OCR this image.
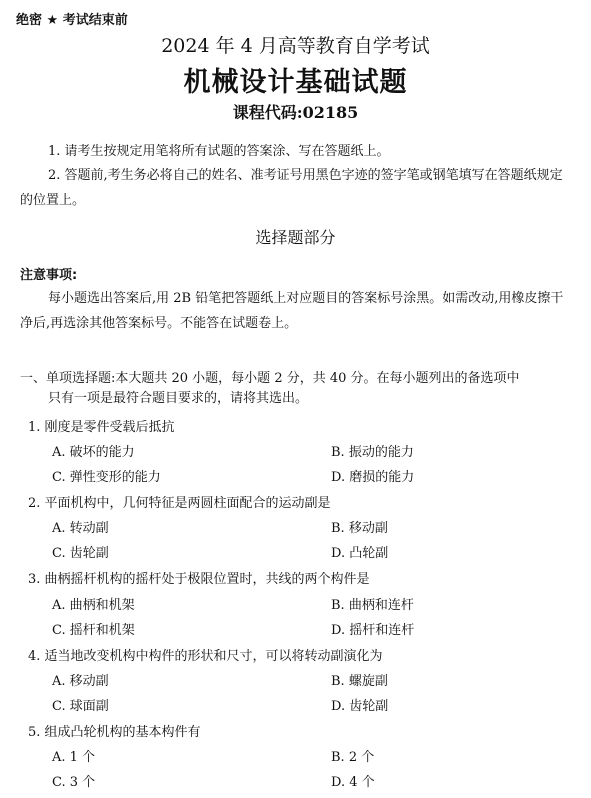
绝密 ★ 考试结束前
2024 年 4 月高等教育自学考试
机械设计基础试题
课程代码:02185
1. 请考生按规定用笔将所有试题的答案涂、写在答题纸上。
2. 答题前,考生务必将自己的姓名、准考证号用黑色字迹的签字笔或钢笔填写在答题纸规定的位置上。
选择题部分
注意事项:
每小题选出答案后,用 2B 铅笔把答题纸上对应题目的答案标号涂黑。如需改动,用橡皮擦干净后,再选涂其他答案标号。不能答在试题卷上。
一、单项选择题:本大题共 20 小题，每小题 2 分，共 40 分。在每小题列出的备选项中
只有一项是最符合题目要求的，请将其选出。
1. 刚度是零件受载后抵抗
A. 破坏的能力	B. 振动的能力
C. 弹性变形的能力	D. 磨损的能力
2. 平面机构中，几何特征是两圆柱面配合的运动副是
A. 转动副	B. 移动副
C. 齿轮副	D. 凸轮副
3. 曲柄摇杆机构的摇杆处于极限位置时，共线的两个构件是
A. 曲柄和机架	B. 曲柄和连杆
C. 摇杆和机架	D. 摇杆和连杆
4. 适当地改变机构中构件的形状和尺寸，可以将转动副演化为
A. 移动副	B. 螺旋副
C. 球面副	D. 齿轮副
5. 组成凸轮机构的基本构件有
A. 1 个	B. 2 个
C. 3 个	D. 4 个
